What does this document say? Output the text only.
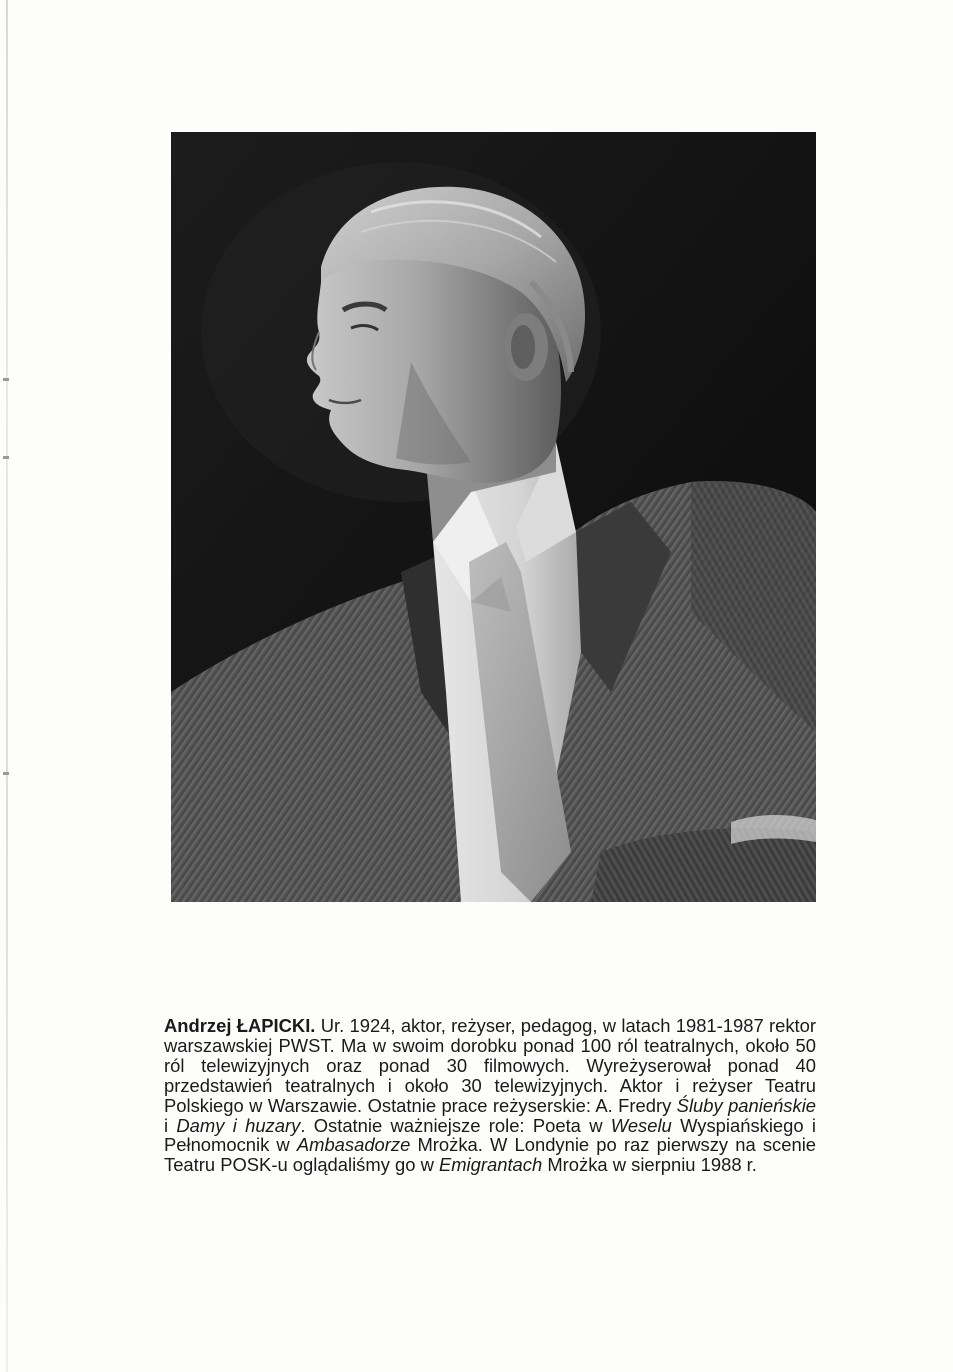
Andrzej ŁAPICKI. Ur. 1924, aktor, reżyser, pedagog, w latach 1981-1987 rektor warszawskiej PWST. Ma w swoim dorobku ponad 100 ról teatralnych, około 50 ról telewizyjnych oraz ponad 30 filmowych. Wyreżyserował ponad 40 przedstawień teatralnych i około 30 telewizyjnych. Aktor i reżyser Teatru Polskiego w Warszawie. Ostatnie prace reżyserskie: A. Fredry Śluby panieńskie i Damy i huzary. Ostatnie ważniejsze role: Poeta w Weselu Wyspiańskiego i Pełnomocnik w Ambasadorze Mrożka. W Londynie po raz pierwszy na scenie Teatru POSK-u oglądaliśmy go w Emigrantach Mrożka w sierpniu 1988 r.
